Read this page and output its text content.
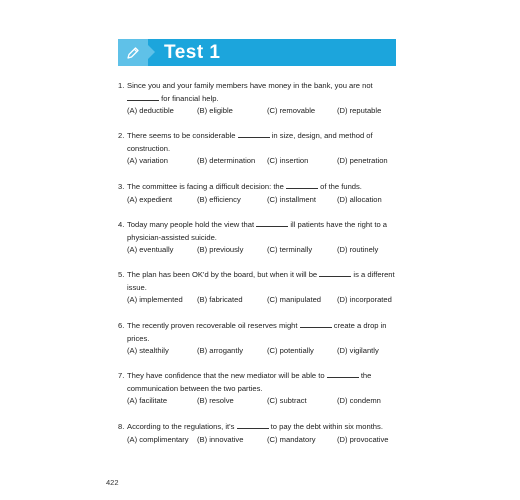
Test 1
1. Since you and your family members have money in the bank, you are not
for financial help.
(A) deductible	(B) eligible	(C) removable	(D) reputable
2. There seems to be considerable	in size, design, and method of construction.
(A) variation	(B) determination	(C) insertion	(D) penetration
3. The committee is facing a difficult decision: the	of the funds.
(A) expedient	(B) efficiency	(C) installment	(D) allocation
4. Today many people hold the view that	ill patients have the right to a physician-assisted suicide.
(A) eventually	(B) previously	(C) terminally	(D) routinely
5. The plan has been OK'd by the board, but when it will be	is a different issue.
(A) implemented	(B) fabricated	(C) manipulated	(D) incorporated
6. The recently proven recoverable oil reserves might	create a drop in prices.
(A) stealthily	(B) arrogantly	(C) potentially	(D) vigilantly
7. They have confidence that the new mediator will be able to	the communication between the two parties.
(A) facilitate	(B) resolve	(C) subtract	(D) condemn
8. According to the regulations, it's	to pay the debt within six months.
(A) complimentary	(B) innovative	(C) mandatory	(D) provocative
422
